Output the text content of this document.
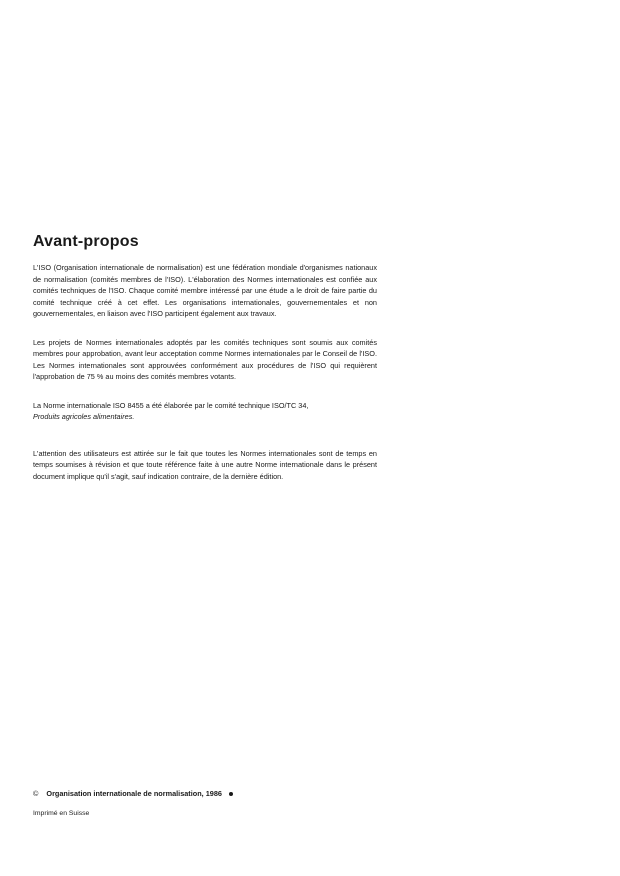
Avant-propos

L'ISO (Organisation internationale de normalisation) est une fédération mondiale d'organismes nationaux de normalisation (comités membres de l'ISO). L'élaboration des Normes internationales est confiée aux comités techniques de l'ISO. Chaque comité membre intéressé par une étude a le droit de faire partie du comité technique créé à cet effet. Les organisations internationales, gouvernementales et non gouvernementales, en liaison avec l'ISO participent également aux travaux.

Les projets de Normes internationales adoptés par les comités techniques sont soumis aux comités membres pour approbation, avant leur acceptation comme Normes internationales par le Conseil de l'ISO. Les Normes internationales sont approuvées conformément aux procédures de l'ISO qui requièrent l'approbation de 75 % au moins des comités membres votants.

La Norme internationale ISO 8455 a été élaborée par le comité technique ISO/TC 34,
Produits agricoles alimentaires.

L'attention des utilisateurs est attirée sur le fait que toutes les Normes internationales sont de temps en temps soumises à révision et que toute référence faite à une autre Norme internationale dans le présent document implique qu'il s'agit, sauf indication contraire, de la dernière édition.

© Organisation internationale de normalisation, 1986
Imprimé en Suisse
